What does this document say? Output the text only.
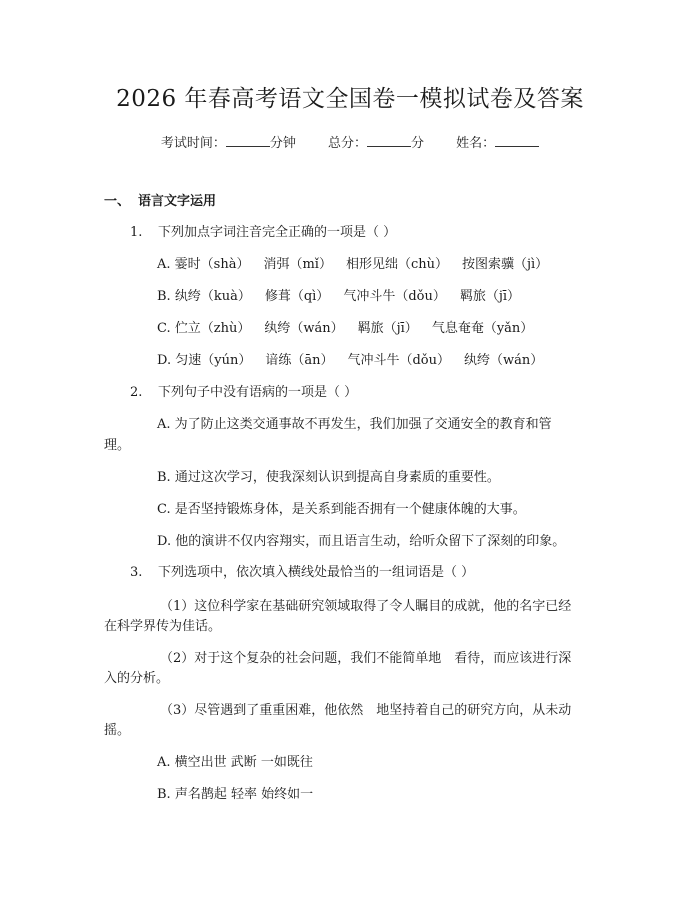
2026 年春高考语文全国卷一模拟试卷及答案
考试时间：	分钟 总分：	分 姓名：
一、 语言文字运用
1. 下列加点字词注音完全正确的一项是（ ）
A. 霎时（shà） 消弭（mǐ） 相形见绌（chù） 按图索骥（jì）
B. 纨绔（kuà） 修葺（qì） 气冲斗牛（dǒu） 羁旅（jī）
C. 伫立（zhù） 纨绔（wán） 羁旅（jī） 气息奄奄（yǎn）
D. 匀速（yún） 谙练（ān） 气冲斗牛（dǒu） 纨绔（wán）
2. 下列句子中没有语病的一项是（ ）
A. 为了防止这类交通事故不再发生，我们加强了交通安全的教育和管
理。
B. 通过这次学习，使我深刻认识到提高自身素质的重要性。
C. 是否坚持锻炼身体，是关系到能否拥有一个健康体魄的大事。
D. 他的演讲不仅内容翔实，而且语言生动，给听众留下了深刻的印象。
3. 下列选项中，依次填入横线处最恰当的一组词语是（ ）
（1）这位科学家在基础研究领域取得了令人瞩目的成就，他的名字已经
在科学界传为佳话。
（2）对于这个复杂的社会问题，我们不能简单地　看待，而应该进行深
入的分析。
（3）尽管遇到了重重困难，他依然　地坚持着自己的研究方向，从未动
摇。
A. 横空出世 武断 一如既往
B. 声名鹊起 轻率 始终如一
